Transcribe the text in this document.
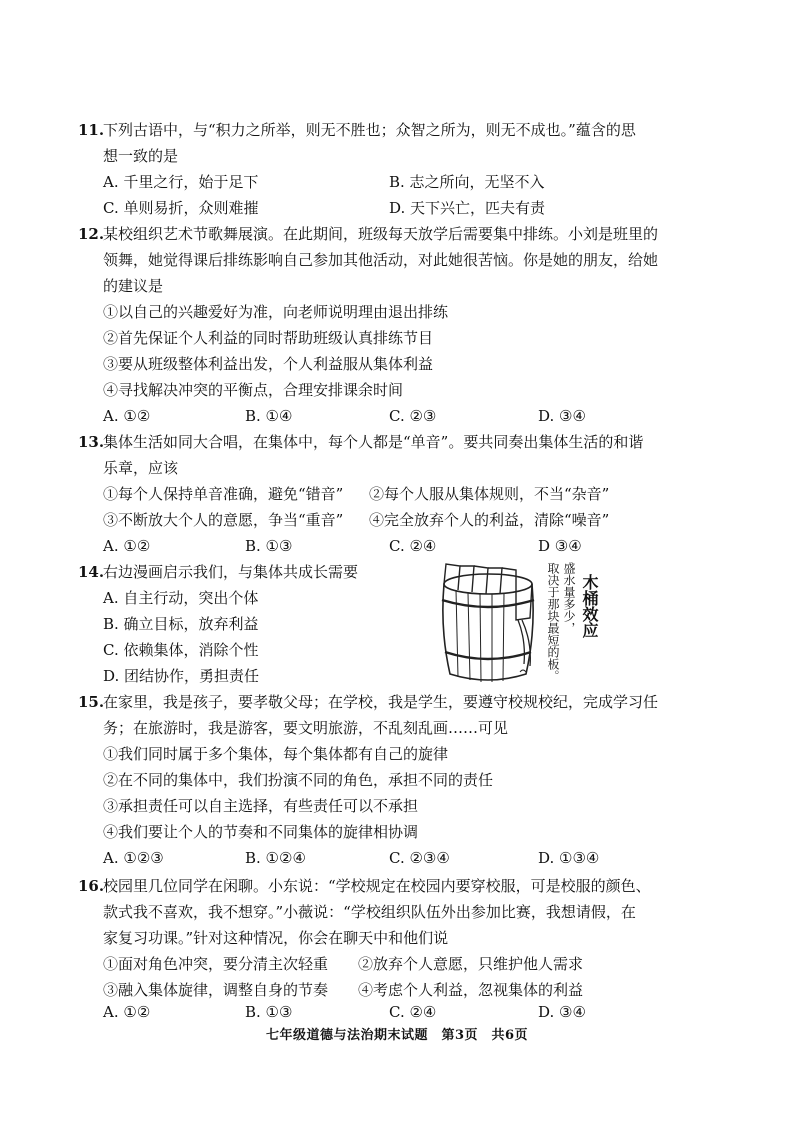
11.
下列古语中，与“积力之所举，则无不胜也；众智之所为，则无不成也。”蕴含的思
想一致的是
A. 千里之行，始于足下	B. 志之所向，无坚不入
C. 单则易折，众则难摧	D. 天下兴亡，匹夫有责
12.
某校组织艺术节歌舞展演。在此期间，班级每天放学后需要集中排练。小刘是班里的
领舞，她觉得课后排练影响自己参加其他活动，对此她很苦恼。你是她的朋友，给她
的建议是
①以自己的兴趣爱好为准，向老师说明理由退出排练
②首先保证个人利益的同时帮助班级认真排练节目
③要从班级整体利益出发，个人利益服从集体利益
④寻找解决冲突的平衡点，合理安排课余时间
A. ①②	B. ①④	C. ②③	D. ③④
13.
集体生活如同大合唱，在集体中，每个人都是“单音”。要共同奏出集体生活的和谐
乐章，应该
①每个人保持单音准确，避免“错音” ②每个人服从集体规则，不当“杂音”
③不断放大个人的意愿，争当“重音” ④完全放弃个人的利益，清除“噪音”
A. ①②	B. ①③	C. ②④	D ③④
14.
右边漫画启示我们，与集体共成长需要
A. 自主行动，突出个体
B. 确立目标，放弃利益
C. 依赖集体，消除个性
D. 团结协作，勇担责任	取决于那块最短的板。 盛水量多少， 木桶效应
15.
在家里，我是孩子，要孝敬父母；在学校，我是学生，要遵守校规校纪，完成学习任
务；在旅游时，我是游客，要文明旅游，不乱刻乱画……可见
①我们同时属于多个集体，每个集体都有自己的旋律
②在不同的集体中，我们扮演不同的角色，承担不同的责任
③承担责任可以自主选择，有些责任可以不承担
④我们要让个人的节奏和不同集体的旋律相协调
A. ①②③	B. ①②④	C. ②③④	D. ①③④
16.
校园里几位同学在闲聊。小东说：“学校规定在校园内要穿校服，可是校服的颜色、
款式我不喜欢，我不想穿。”小薇说：“学校组织队伍外出参加比赛，我想请假，在
家复习功课。”针对这种情况，你会在聊天中和他们说
①面对角色冲突，要分清主次轻重 ②放弃个人意愿，只维护他人需求
③融入集体旋律，调整自身的节奏 ④考虑个人利益，忽视集体的利益
A. ①②	B. ①③	C. ②④	D. ③④
七年级道德与法治期末试题　第3页　共6页
